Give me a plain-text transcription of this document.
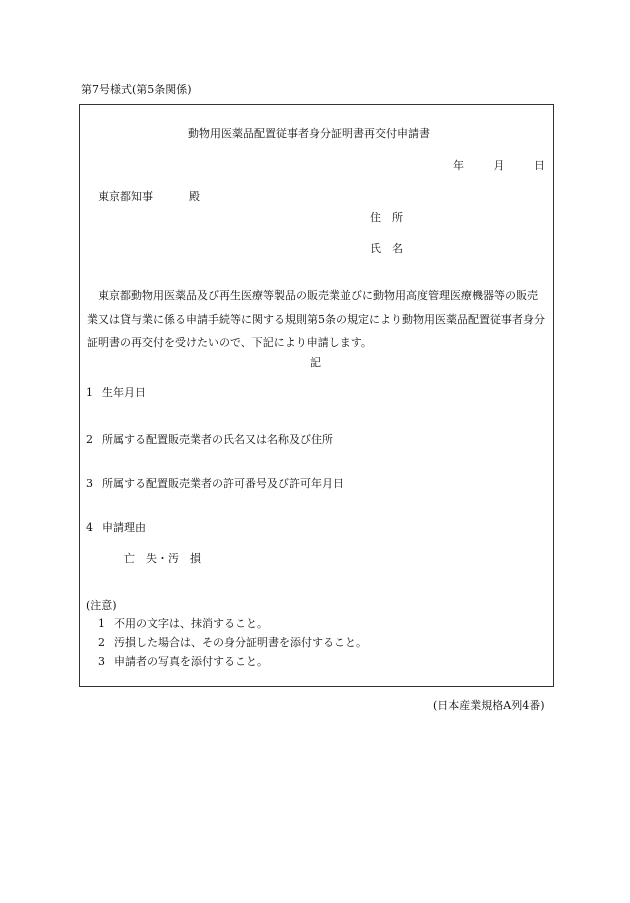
第7号様式(第5条関係)
動物用医薬品配置従事者身分証明書再交付申請書
年	月	日
東京都知事	殿
住　所
氏　名
東京都動物用医薬品及び再生医療等製品の販売業並びに動物用高度管理医療機器等の販売業又は貸与業に係る申請手続等に関する規則第5条の規定により動物用医薬品配置従事者身分証明書の再交付を受けたいので、下記により申請します。
記
1 生年月日
2 所属する配置販売業者の氏名又は名称及び住所
3 所属する配置販売業者の許可番号及び許可年月日
4 申請理由
亡　失・汚　損
(注意)
1 不用の文字は、抹消すること。
2 汚損した場合は、その身分証明書を添付すること。
3 申請者の写真を添付すること。
(日本産業規格A列4番)
